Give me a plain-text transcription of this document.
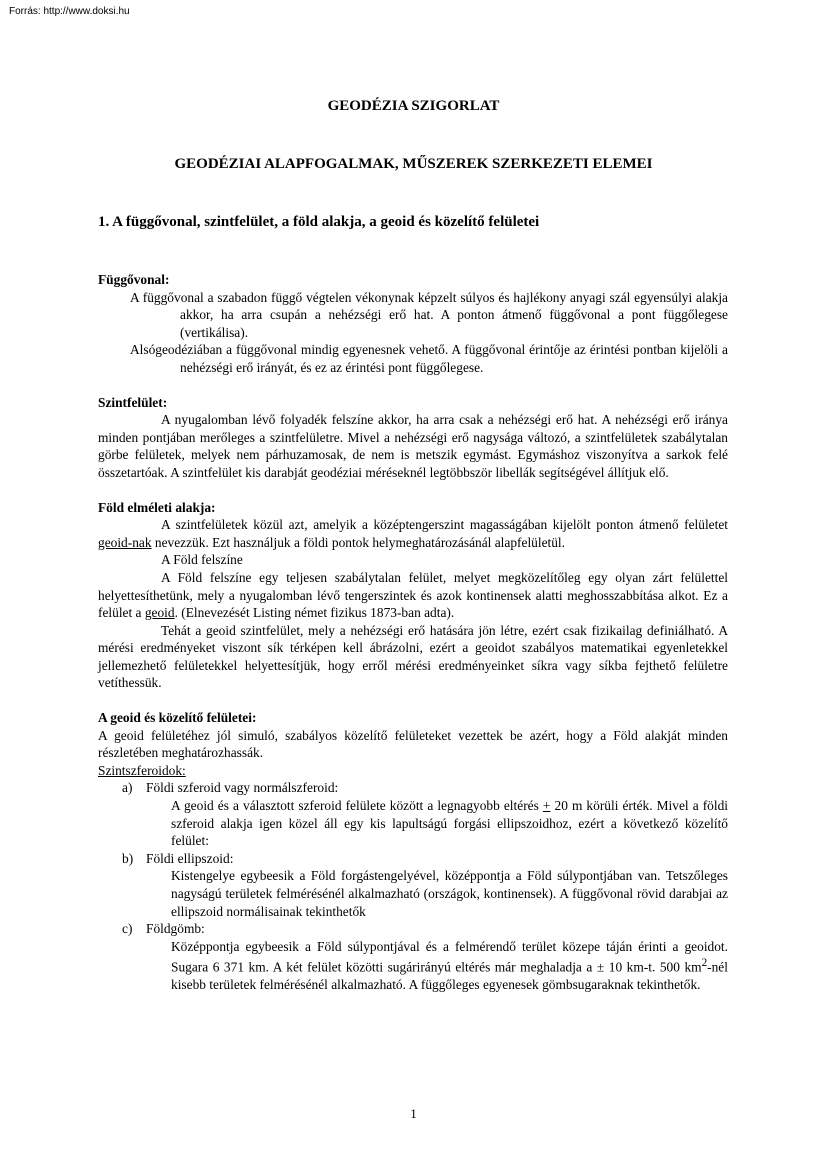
Forrás: http://www.doksi.hu
GEODÉZIA SZIGORLAT
GEODÉZIAI ALAPFOGALMAK, MŰSZEREK SZERKEZETI ELEMEI
1. A függővonal, szintfelület, a föld alakja, a geoid és közelítő felületei

Függővonal:

A függővonal a szabadon függő végtelen vékonynak képzelt súlyos és hajlékony anyagi szál egyensúlyi alakja akkor, ha arra csupán a nehézségi erő hat. A ponton átmenő függővonal a pont függőlegese (vertikálisa).

Alsógeodéziában a függővonal mindig egyenesnek vehető. A függővonal érintője az érintési pontban kijelöli a nehézségi erő irányát, és ez az érintési pont függőlegese.

Szintfelület:

A nyugalomban lévő folyadék felszíne akkor, ha arra csak a nehézségi erő hat. A nehézségi erő iránya minden pontjában merőleges a szintfelületre. Mivel a nehézségi erő nagysága változó, a szintfelületek szabálytalan görbe felületek, melyek nem párhuzamosak, de nem is metszik egymást. Egymáshoz viszonyítva a sarkok felé összetartóak. A szintfelület kis darabját geodéziai méréseknél legtöbbször libellák segítségével állítjuk elő.

Föld elméleti alakja:

A szintfelületek közül azt, amelyik a középtengerszint magasságában kijelölt ponton átmenő felületet geoid-nak nevezzük. Ezt használjuk a földi pontok helymeghatározásánál alapfelületül.

A Föld felszíne

A Föld felszíne egy teljesen szabálytalan felület, melyet megközelítőleg egy olyan zárt felülettel helyettesíthetünk, mely a nyugalomban lévő tengerszintek és azok kontinensek alatti meghosszabbítása alkot. Ez a felület a geoid. (Elnevezését Listing német fizikus 1873-ban adta).

Tehát a geoid szintfelület, mely a nehézségi erő hatására jön létre, ezért csak fizikailag definiálható. A mérési eredményeket viszont sík térképen kell ábrázolni, ezért a geoidot szabályos matematikai egyenletekkel jellemezhető felületekkel helyettesítjük, hogy erről mérési eredményeinket síkra vagy síkba fejthető felületre vetíthessük.

A geoid és közelítő felületei:

A geoid felületéhez jól simuló, szabályos közelítő felületeket vezettek be azért, hogy a Föld alakját minden részletében meghatározhassák.

Szintszferoidok:

a) Földi szferoid vagy normálszferoid:

A geoid és a választott szferoid felülete között a legnagyobb eltérés + 20 m körüli érték. Mivel a földi szferoid alakja igen közel áll egy kis lapultságú forgási ellipszoidhoz, ezért a következő közelítő felület:

b) Földi ellipszoid:

Kistengelye egybeesik a Föld forgástengelyével, középpontja a Föld súlypontjában van. Tetszőleges nagyságú területek felmérésénél alkalmazható (országok, kontinensek). A függővonal rövid darabjai az ellipszoid normálisainak tekinthetők

c) Földgömb:

Középpontja egybeesik a Föld súlypontjával és a felmérendő terület közepe táján érinti a geoidot. Sugara 6 371 km. A két felület közötti sugárirányú eltérés már meghaladja a ± 10 km-t. 500 $km^2$-nél kisebb területek felmérésénél alkalmazható. A függőleges egyenesek gömbsugaraknak tekinthetők.

1
